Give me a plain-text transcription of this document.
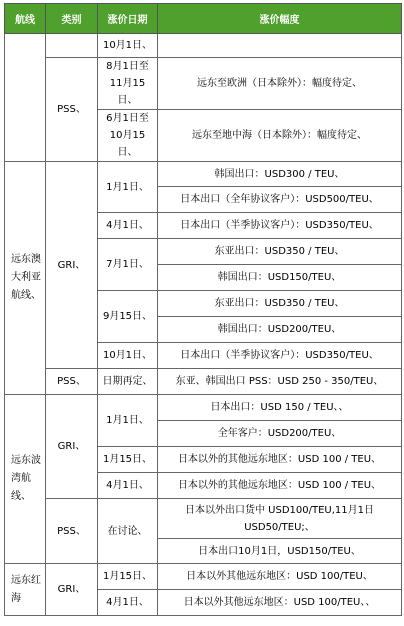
航线	类别	涨价日期	涨价幅度
		10月1日、	
	PSS、	8月1日至11月15日、	远东至欧洲（日本除外）：幅度待定、
		6月1日至10月15日、	远东至地中海（日本除外）：幅度待定、
远东澳大利亚航线、	GRI、	1月1日、	韩国出口：USD300 / TEU、
			日本出口（全年协议客户）：USD500/TEU、
		4月1日、	日本出口（半季协议客户）：USD350/TEU、
		7月1日、	东亚出口：USD350 / TEU、
			韩国出口：USD150/TEU、
		9月15日、	东亚出口：USD350 / TEU、
			韩国出口：USD200/TEU、
		10月1日、	日本出口（半季协议客户）：USD350/TEU、
	PSS、	日期再定、	东亚、韩国出口 PSS：USD 250 - 350/TEU、
远东波湾航线、	GRI、	1月1日、	日本出口：USD 150 / TEU、、
			全年客户：USD200/TEU、
		1月15日、	日本以外的其他远东地区：USD 100 / TEU、
		4月1日、	日本以外的其他远东地区：USD 100 / TEU、
	PSS、	在讨论、	日本以外出口货中 USD100/TEU,11月1日 USD50/TEU;、
			日本出口10月1日，USD150/TEU、
远东红海	GRI、	1月15日、	日本以外其他远东地区：USD 100/TEU、
		4月1日、	日本以外其他远东地区：USD 100/TEU、、
